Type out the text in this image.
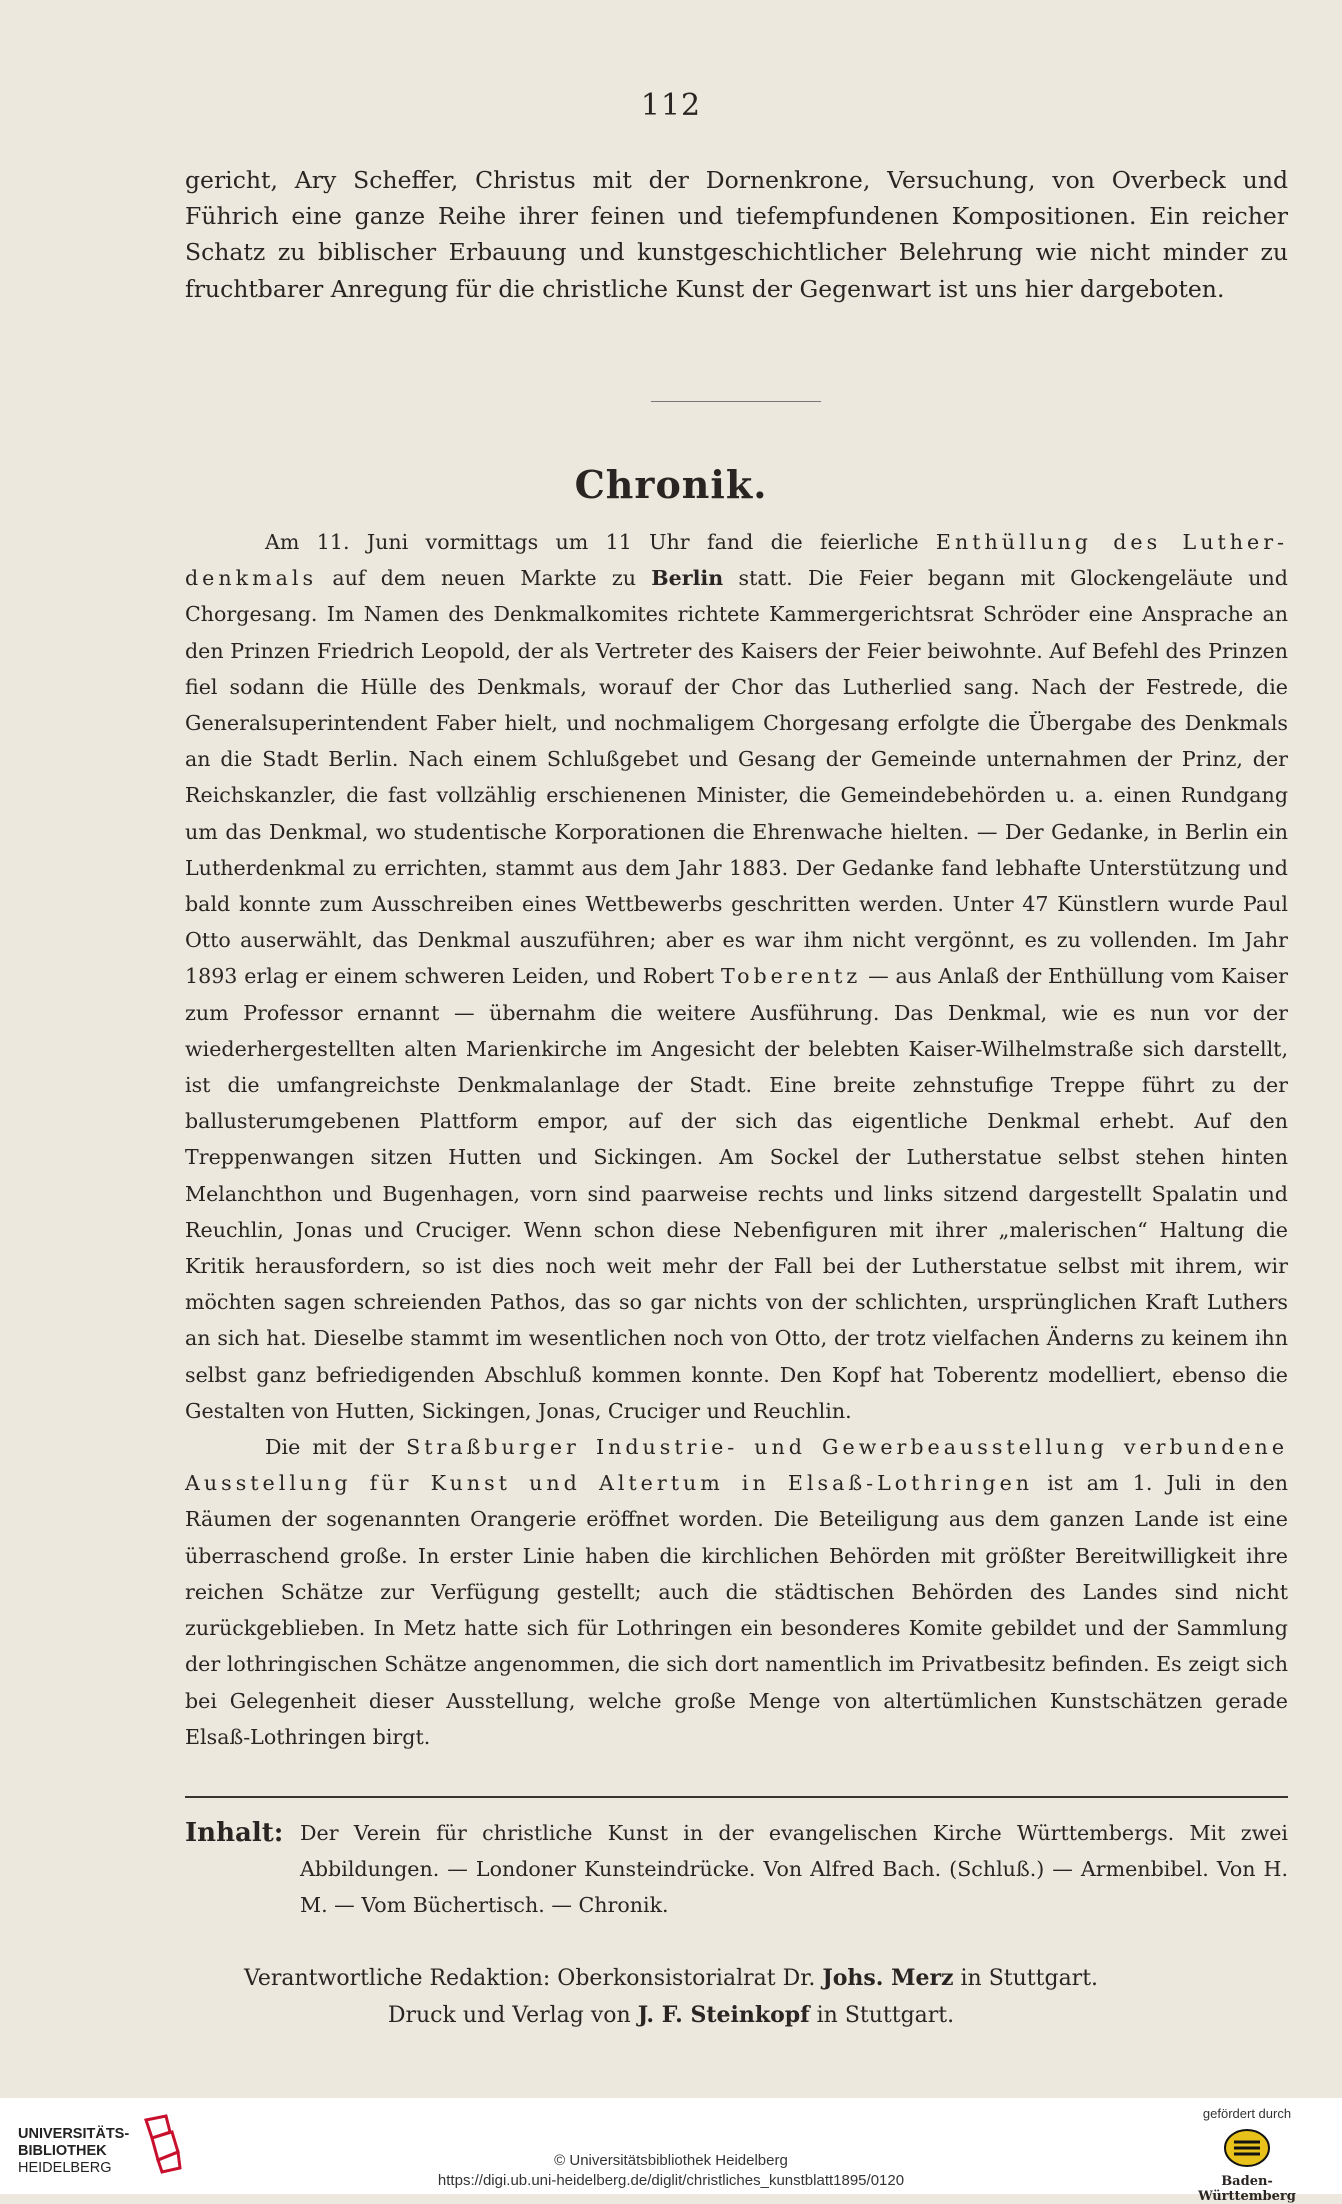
112

gericht, Ary Scheffer, Christus mit der Dornenkrone, Versuchung, von Overbeck und Führich eine ganze Reihe ihrer feinen und tiefempfundenen Kompositionen. Ein reicher Schatz zu biblischer Erbauung und kunstgeschichtlicher Belehrung wie nicht minder zu fruchtbarer Anregung für die christliche Kunst der Gegenwart ist uns hier dargeboten.

Chronik.

Am 11. Juni vormittags um 11 Uhr fand die feierliche Enthüllung des Luther-denkmals auf dem neuen Markte zu Berlin statt. Die Feier begann mit Glockengeläute und Chorgesang. Im Namen des Denkmalkomites richtete Kammergerichtsrat Schröder eine Ansprache an den Prinzen Friedrich Leopold, der als Vertreter des Kaisers der Feier beiwohnte. Auf Befehl des Prinzen fiel sodann die Hülle des Denkmals, worauf der Chor das Lutherlied sang. Nach der Festrede, die Generalsuperintendent Faber hielt, und nochmaligem Chorgesang erfolgte die Übergabe des Denkmals an die Stadt Berlin. Nach einem Schlußgebet und Gesang der Gemeinde unternahmen der Prinz, der Reichskanzler, die fast vollzählig erschienenen Minister, die Gemeindebehörden u. a. einen Rundgang um das Denkmal, wo studentische Korporationen die Ehrenwache hielten. — Der Gedanke, in Berlin ein Lutherdenkmal zu errichten, stammt aus dem Jahr 1883. Der Gedanke fand lebhafte Unterstützung und bald konnte zum Ausschreiben eines Wettbewerbs geschritten werden. Unter 47 Künstlern wurde Paul Otto auserwählt, das Denkmal auszuführen; aber es war ihm nicht vergönnt, es zu vollenden. Im Jahr 1893 erlag er einem schweren Leiden, und Robert Toberentz — aus Anlaß der Enthüllung vom Kaiser zum Professor ernannt — übernahm die weitere Ausführung. Das Denkmal, wie es nun vor der wiederhergestellten alten Marienkirche im Angesicht der belebten Kaiser-Wilhelmstraße sich darstellt, ist die umfangreichste Denkmalanlage der Stadt. Eine breite zehnstufige Treppe führt zu der ballusterumgebenen Plattform empor, auf der sich das eigentliche Denkmal erhebt. Auf den Treppenwangen sitzen Hutten und Sickingen. Am Sockel der Lutherstatue selbst stehen hinten Melanchthon und Bugenhagen, vorn sind paarweise rechts und links sitzend dargestellt Spalatin und Reuchlin, Jonas und Cruciger. Wenn schon diese Nebenfiguren mit ihrer „malerischen“ Haltung die Kritik herausfordern, so ist dies noch weit mehr der Fall bei der Lutherstatue selbst mit ihrem, wir möchten sagen schreienden Pathos, das so gar nichts von der schlichten, ursprünglichen Kraft Luthers an sich hat. Dieselbe stammt im wesentlichen noch von Otto, der trotz vielfachen Änderns zu keinem ihn selbst ganz befriedigenden Abschluß kommen konnte. Den Kopf hat Toberentz modelliert, ebenso die Gestalten von Hutten, Sickingen, Jonas, Cruciger und Reuchlin.

Die mit der Straßburger Industrie- und Gewerbeausstellung verbundene Ausstellung für Kunst und Altertum in Elsaß-Lothringen ist am 1. Juli in den Räumen der sogenannten Orangerie eröffnet worden. Die Beteiligung aus dem ganzen Lande ist eine überraschend große. In erster Linie haben die kirchlichen Behörden mit größter Bereitwilligkeit ihre reichen Schätze zur Verfügung gestellt; auch die städtischen Behörden des Landes sind nicht zurückgeblieben. In Metz hatte sich für Lothringen ein besonderes Komite gebildet und der Sammlung der lothringischen Schätze angenommen, die sich dort namentlich im Privatbesitz befinden. Es zeigt sich bei Gelegenheit dieser Ausstellung, welche große Menge von altertümlichen Kunstschätzen gerade Elsaß-Lothringen birgt.

Inhalt: Der Verein für christliche Kunst in der evangelischen Kirche Württembergs. Mit zwei Abbildungen. — Londoner Kunsteindrücke. Von Alfred Bach. (Schluß.) — Armenbibel. Von H. M. — Vom Büchertisch. — Chronik.
Verantwortliche Redaktion: Oberkonsistorialrat Dr. Johs. Merz in Stuttgart.
Druck und Verlag von J. F. Steinkopf in Stuttgart.
UNIVERSITÄTS-
BIBLIOTHEK
HEIDELBERG	© Universitätsbibliothek Heidelberg
https://digi.ub.uni-heidelberg.de/diglit/christliches_kunstblatt1895/0120
gefördert durch
Baden-Württemberg
